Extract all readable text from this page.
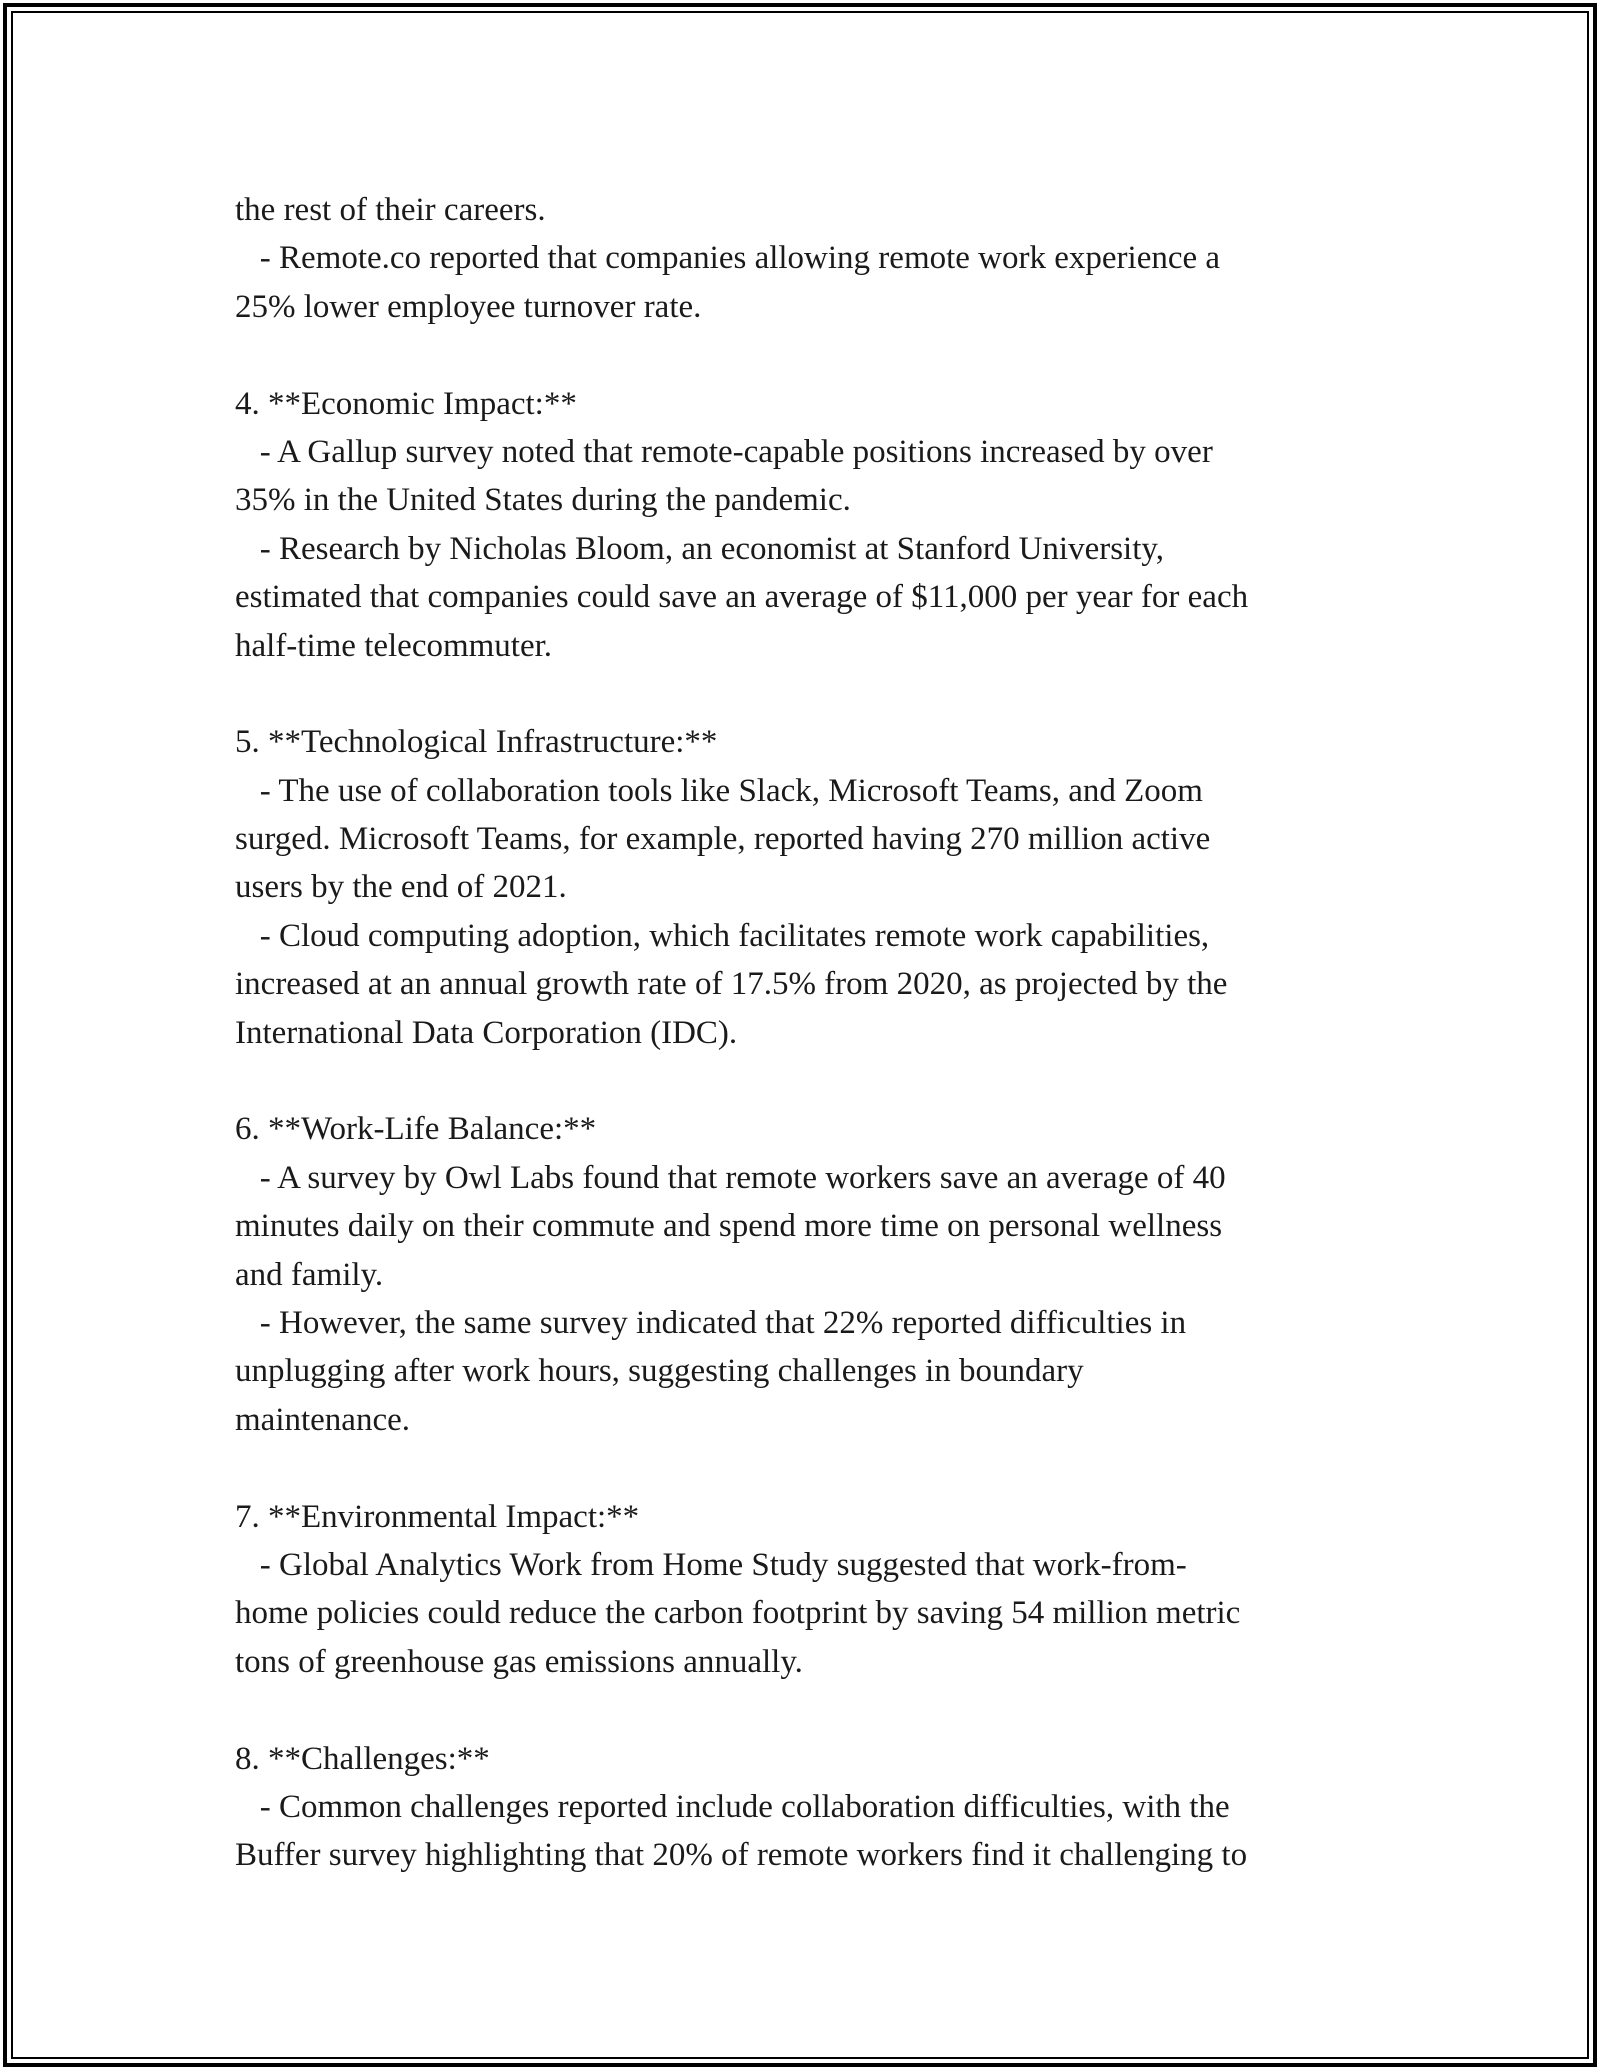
the rest of their careers.
- Remote.co reported that companies allowing remote work experience a
25% lower employee turnover rate.
4. **Economic Impact:**
- A Gallup survey noted that remote-capable positions increased by over
35% in the United States during the pandemic.
- Research by Nicholas Bloom, an economist at Stanford University,
estimated that companies could save an average of $11,000 per year for each
half-time telecommuter.
5. **Technological Infrastructure:**
- The use of collaboration tools like Slack, Microsoft Teams, and Zoom
surged. Microsoft Teams, for example, reported having 270 million active
users by the end of 2021.
- Cloud computing adoption, which facilitates remote work capabilities,
increased at an annual growth rate of 17.5% from 2020, as projected by the
International Data Corporation (IDC).
6. **Work-Life Balance:**
- A survey by Owl Labs found that remote workers save an average of 40
minutes daily on their commute and spend more time on personal wellness
and family.
- However, the same survey indicated that 22% reported difficulties in
unplugging after work hours, suggesting challenges in boundary
maintenance.
7. **Environmental Impact:**
- Global Analytics Work from Home Study suggested that work-from-
home policies could reduce the carbon footprint by saving 54 million metric
tons of greenhouse gas emissions annually.
8. **Challenges:**
- Common challenges reported include collaboration difficulties, with the
Buffer survey highlighting that 20% of remote workers find it challenging to
